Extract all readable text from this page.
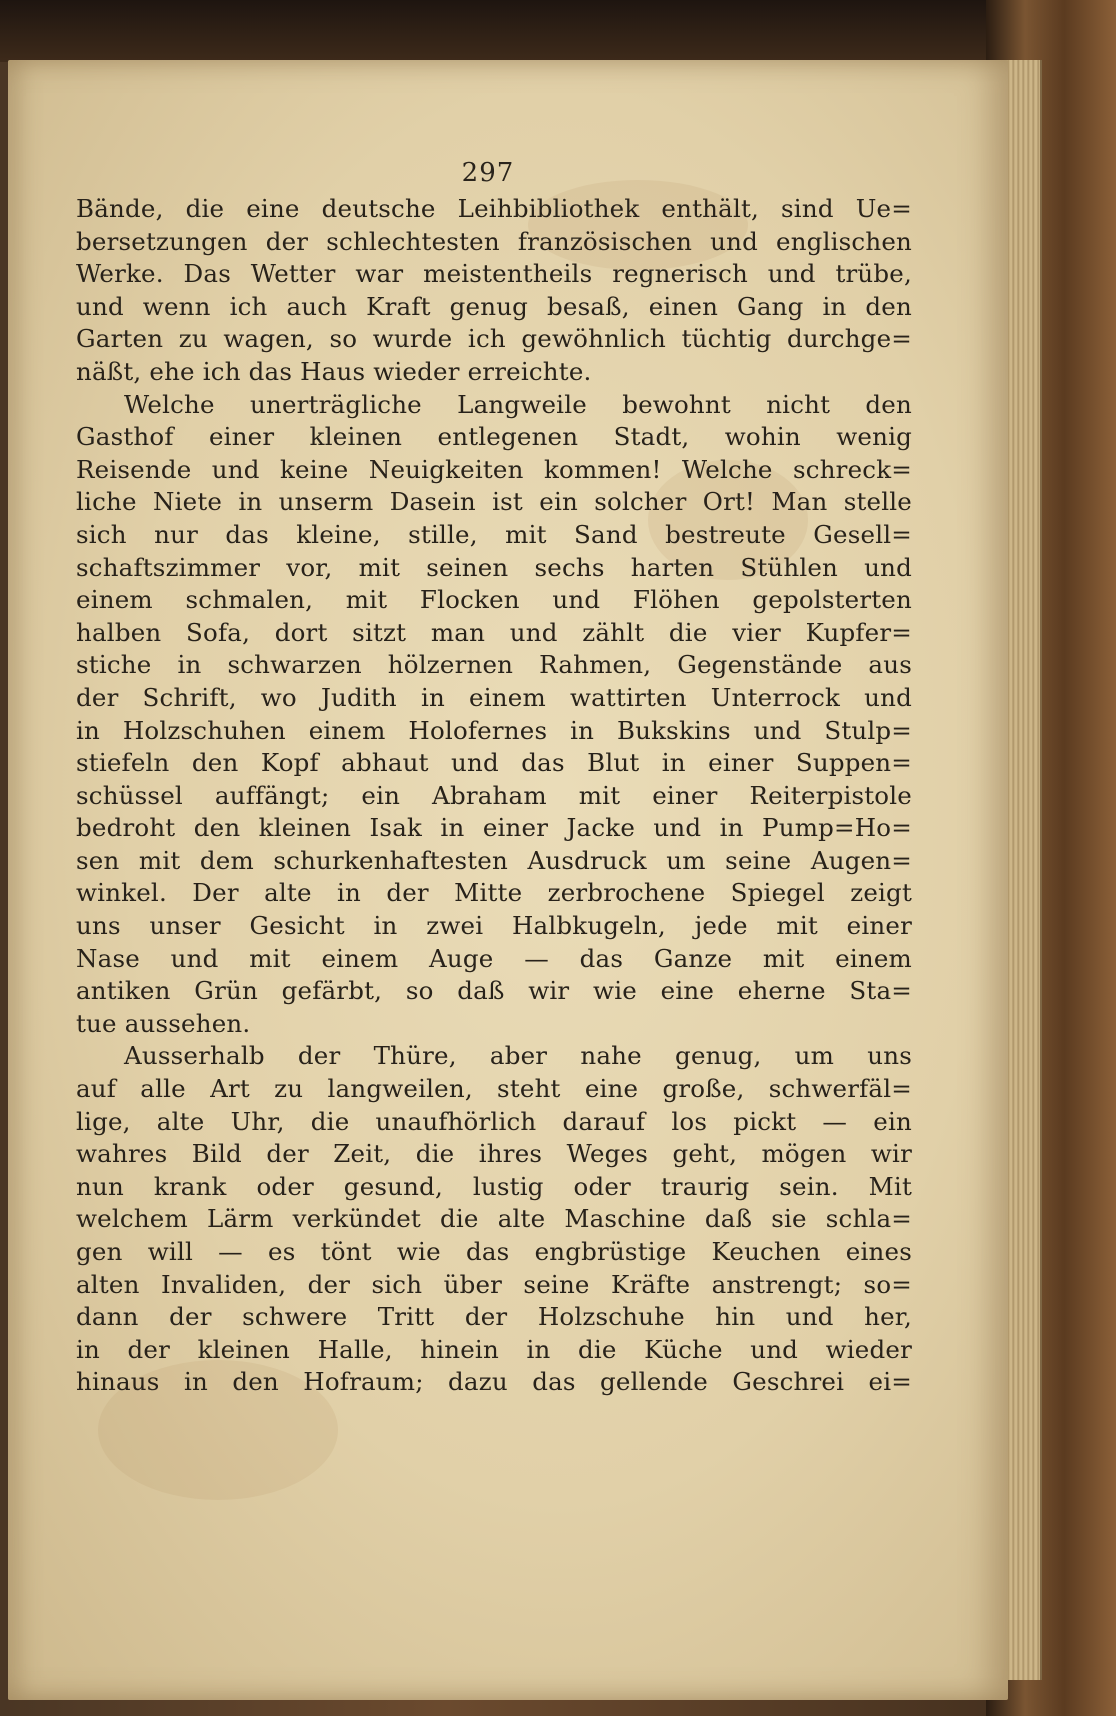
297
Bände, die eine deutsche Leihbibliothek enthält, sind Ue=
bersetzungen der schlechtesten französischen und englischen
Werke. Das Wetter war meistentheils regnerisch und trübe,
und wenn ich auch Kraft genug besaß, einen Gang in den
Garten zu wagen, so wurde ich gewöhnlich tüchtig durchge=
näßt, ehe ich das Haus wieder erreichte.
Welche unerträgliche Langweile bewohnt nicht den
Gasthof einer kleinen entlegenen Stadt, wohin wenig
Reisende und keine Neuigkeiten kommen! Welche schreck=
liche Niete in unserm Dasein ist ein solcher Ort! Man stelle
sich nur das kleine, stille, mit Sand bestreute Gesell=
schaftszimmer vor, mit seinen sechs harten Stühlen und
einem schmalen, mit Flocken und Flöhen gepolsterten
halben Sofa, dort sitzt man und zählt die vier Kupfer=
stiche in schwarzen hölzernen Rahmen, Gegenstände aus
der Schrift, wo Judith in einem wattirten Unterrock und
in Holzschuhen einem Holofernes in Bukskins und Stulp=
stiefeln den Kopf abhaut und das Blut in einer Suppen=
schüssel auffängt; ein Abraham mit einer Reiterpistole
bedroht den kleinen Isak in einer Jacke und in Pump=Ho=
sen mit dem schurkenhaftesten Ausdruck um seine Augen=
winkel. Der alte in der Mitte zerbrochene Spiegel zeigt
uns unser Gesicht in zwei Halbkugeln, jede mit einer
Nase und mit einem Auge — das Ganze mit einem
antiken Grün gefärbt, so daß wir wie eine eherne Sta=
tue aussehen.
Ausserhalb der Thüre, aber nahe genug, um uns
auf alle Art zu langweilen, steht eine große, schwerfäl=
lige, alte Uhr, die unaufhörlich darauf los pickt — ein
wahres Bild der Zeit, die ihres Weges geht, mögen wir
nun krank oder gesund, lustig oder traurig sein. Mit
welchem Lärm verkündet die alte Maschine daß sie schla=
gen will — es tönt wie das engbrüstige Keuchen eines
alten Invaliden, der sich über seine Kräfte anstrengt; so=
dann der schwere Tritt der Holzschuhe hin und her,
in der kleinen Halle, hinein in die Küche und wieder
hinaus in den Hofraum; dazu das gellende Geschrei ei=
